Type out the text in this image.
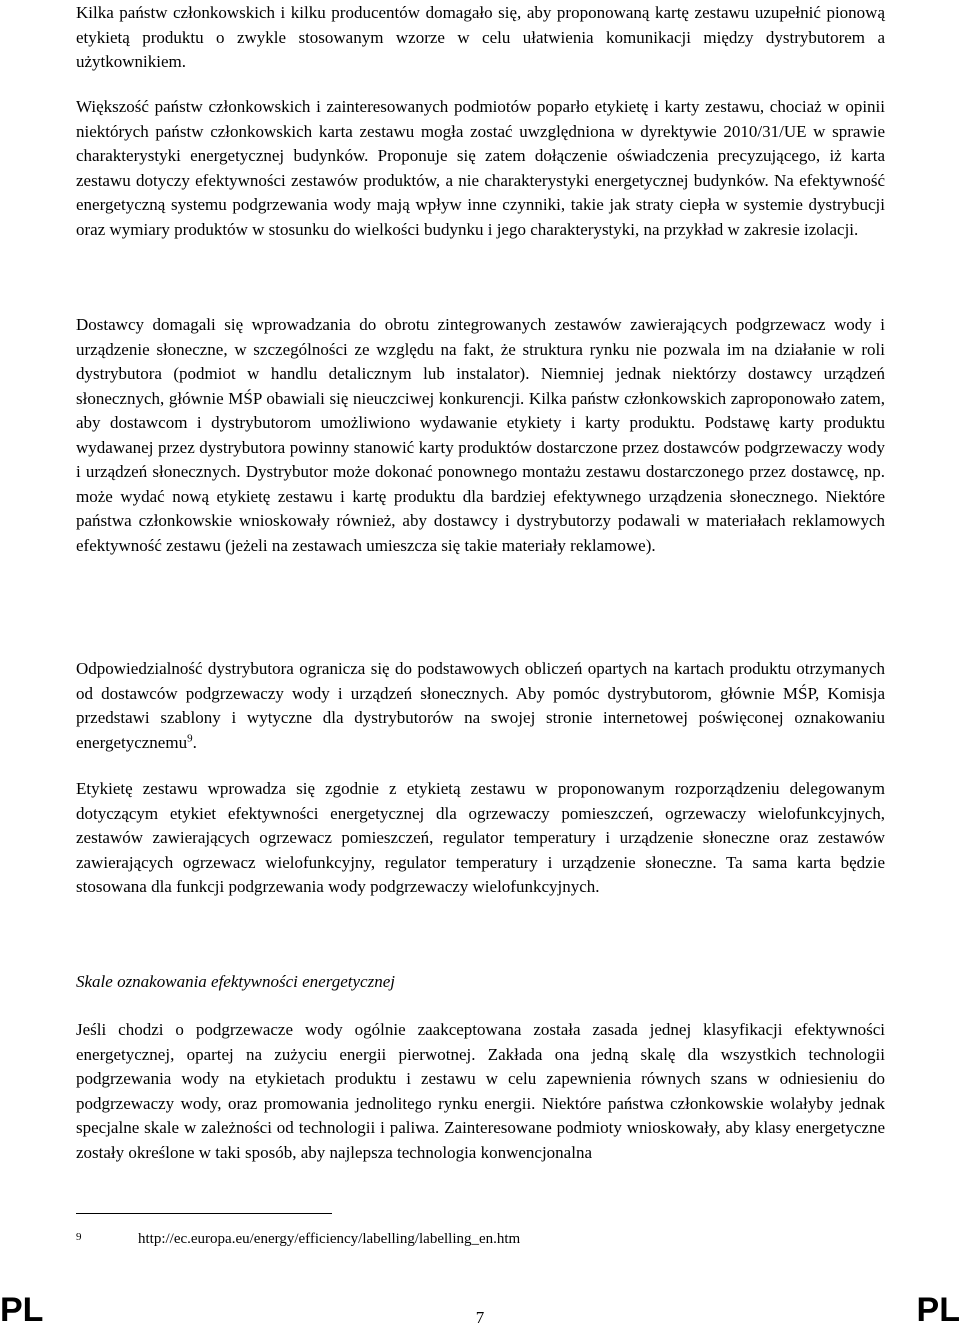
Kilka państw członkowskich i kilku producentów domagało się, aby proponowaną kartę zestawu uzupełnić pionową etykietą produktu o zwykle stosowanym wzorze w celu ułatwienia komunikacji między dystrybutorem a użytkownikiem.

Większość państw członkowskich i zainteresowanych podmiotów poparło etykietę i karty zestawu, chociaż w opinii niektórych państw członkowskich karta zestawu mogła zostać uwzględniona w dyrektywie 2010/31/UE w sprawie charakterystyki energetycznej budynków. Proponuje się zatem dołączenie oświadczenia precyzującego, iż karta zestawu dotyczy efektywności zestawów produktów, a nie charakterystyki energetycznej budynków. Na efektywność energetyczną systemu podgrzewania wody mają wpływ inne czynniki, takie jak straty ciepła w systemie dystrybucji oraz wymiary produktów w stosunku do wielkości budynku i jego charakterystyki, na przykład w zakresie izolacji.

Dostawcy domagali się wprowadzania do obrotu zintegrowanych zestawów zawierających podgrzewacz wody i urządzenie słoneczne, w szczególności ze względu na fakt, że struktura rynku nie pozwala im na działanie w roli dystrybutora (podmiot w handlu detalicznym lub instalator). Niemniej jednak niektórzy dostawcy urządzeń słonecznych, głównie MŚP obawiali się nieuczciwej konkurencji. Kilka państw członkowskich zaproponowało zatem, aby dostawcom i dystrybutorom umożliwiono wydawanie etykiety i karty produktu. Podstawę karty produktu wydawanej przez dystrybutora powinny stanowić karty produktów dostarczone przez dostawców podgrzewaczy wody i urządzeń słonecznych. Dystrybutor może dokonać ponownego montażu zestawu dostarczonego przez dostawcę, np. może wydać nową etykietę zestawu i kartę produktu dla bardziej efektywnego urządzenia słonecznego. Niektóre państwa członkowskie wnioskowały również, aby dostawcy i dystrybutorzy podawali w materiałach reklamowych efektywność zestawu (jeżeli na zestawach umieszcza się takie materiały reklamowe).

Odpowiedzialność dystrybutora ogranicza się do podstawowych obliczeń opartych na kartach produktu otrzymanych od dostawców podgrzewaczy wody i urządzeń słonecznych. Aby pomóc dystrybutorom, głównie MŚP, Komisja przedstawi szablony i wytyczne dla dystrybutorów na swojej stronie internetowej poświęconej oznakowaniu energetycznemu$^9$.

Etykietę zestawu wprowadza się zgodnie z etykietą zestawu w proponowanym rozporządzeniu delegowanym dotyczącym etykiet efektywności energetycznej dla ogrzewaczy pomieszczeń, ogrzewaczy wielofunkcyjnych, zestawów zawierających ogrzewacz pomieszczeń, regulator temperatury i urządzenie słoneczne oraz zestawów zawierających ogrzewacz wielofunkcyjny, regulator temperatury i urządzenie słoneczne. Ta sama karta będzie stosowana dla funkcji podgrzewania wody podgrzewaczy wielofunkcyjnych.

Skale oznakowania efektywności energetycznej

Jeśli chodzi o podgrzewacze wody ogólnie zaakceptowana została zasada jednej klasyfikacji efektywności energetycznej, opartej na zużyciu energii pierwotnej. Zakłada ona jedną skalę dla wszystkich technologii podgrzewania wody na etykietach produktu i zestawu w celu zapewnienia równych szans w odniesieniu do podgrzewaczy wody, oraz promowania jednolitego rynku energii. Niektóre państwa członkowskie wolałyby jednak specjalne skale w zależności od technologii i paliwa. Zainteresowane podmioty wnioskowały, aby klasy energetyczne zostały określone w taki sposób, aby najlepsza technologia konwencjonalna

9	http://ec.europa.eu/energy/efficiency/labelling/labelling_en.htm
PL	7	PL
